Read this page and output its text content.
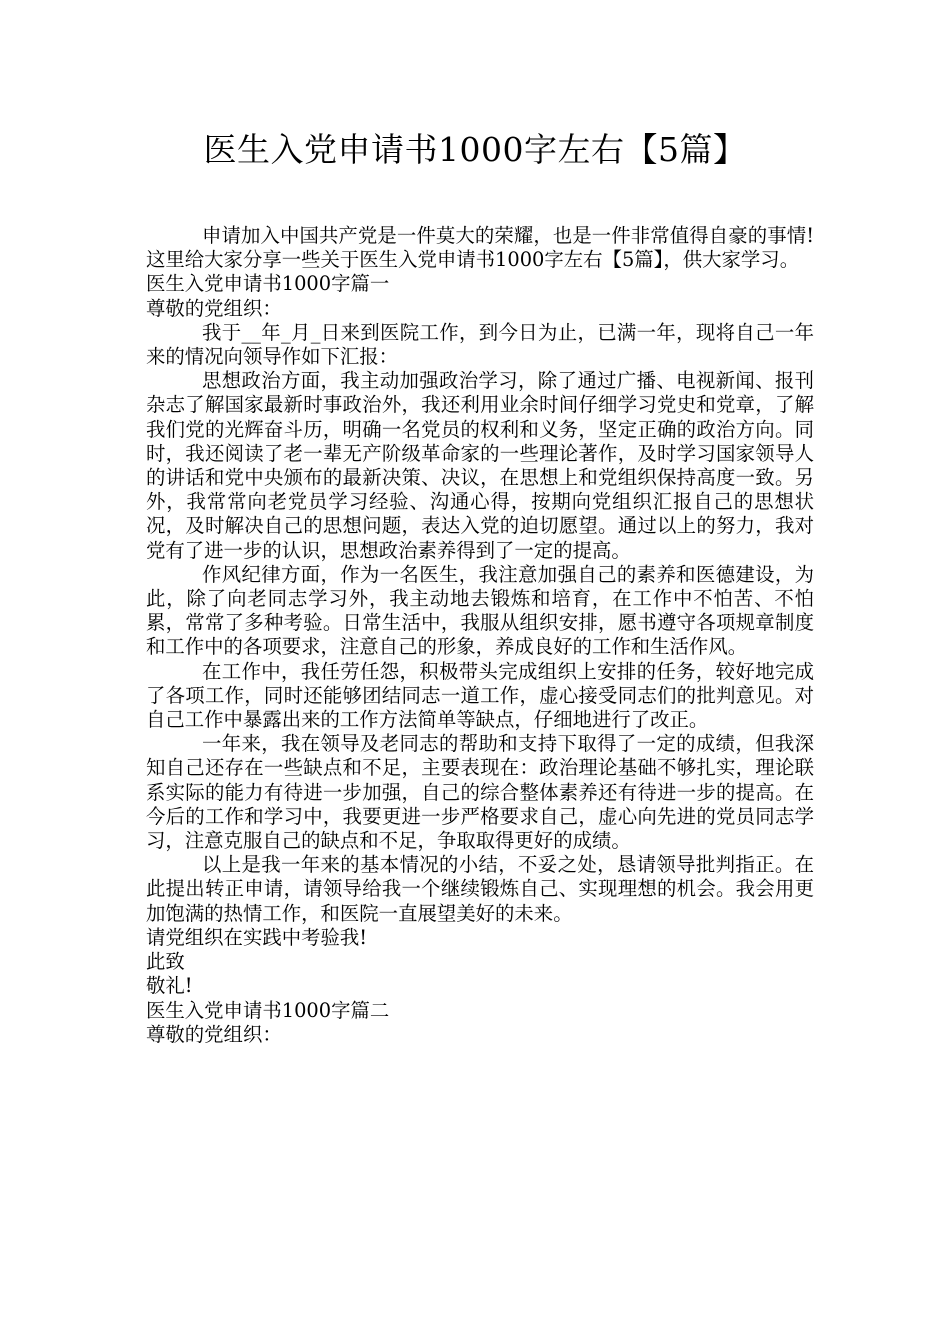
医生入党申请书1000字左右【5篇】

申请加入中国共产党是一件莫大的荣耀，也是一件非常值得自豪的事情!这里给大家分享一些关于医生入党申请书1000字左右【5篇】，供大家学习。

医生入党申请书1000字篇一

尊敬的党组织：

我于__年_月_日来到医院工作，到今日为止，已满一年，现将自己一年来的情况向领导作如下汇报：

思想政治方面，我主动加强政治学习，除了通过广播、电视新闻、报刊杂志了解国家最新时事政治外，我还利用业余时间仔细学习党史和党章，了解我们党的光辉奋斗历，明确一名党员的权利和义务，坚定正确的政治方向。同时，我还阅读了老一辈无产阶级革命家的一些理论著作，及时学习国家领导人的讲话和党中央颁布的最新决策、决议，在思想上和党组织保持高度一致。另外，我常常向老党员学习经验、沟通心得，按期向党组织汇报自己的思想状况，及时解决自己的思想问题，表达入党的迫切愿望。通过以上的努力，我对党有了进一步的认识，思想政治素养得到了一定的提高。

作风纪律方面，作为一名医生，我注意加强自己的素养和医德建设，为此，除了向老同志学习外，我主动地去锻炼和培育，在工作中不怕苦、不怕累，常常了多种考验。日常生活中，我服从组织安排，愿书遵守各项规章制度和工作中的各项要求，注意自己的形象，养成良好的工作和生活作风。

在工作中，我任劳任怨，积极带头完成组织上安排的任务，较好地完成了各项工作，同时还能够团结同志一道工作，虚心接受同志们的批判意见。对自己工作中暴露出来的工作方法简单等缺点，仔细地进行了改正。

一年来，我在领导及老同志的帮助和支持下取得了一定的成绩，但我深知自己还存在一些缺点和不足，主要表现在：政治理论基础不够扎实，理论联系实际的能力有待进一步加强，自己的综合整体素养还有待进一步的提高。在今后的工作和学习中，我要更进一步严格要求自己，虚心向先进的党员同志学习，注意克服自己的缺点和不足，争取取得更好的成绩。

以上是我一年来的基本情况的小结，不妥之处，恳请领导批判指正。在此提出转正申请，请领导给我一个继续锻炼自己、实现理想的机会。我会用更加饱满的热情工作，和医院一直展望美好的未来。

请党组织在实践中考验我!

此致

敬礼!

医生入党申请书1000字篇二

尊敬的党组织：
